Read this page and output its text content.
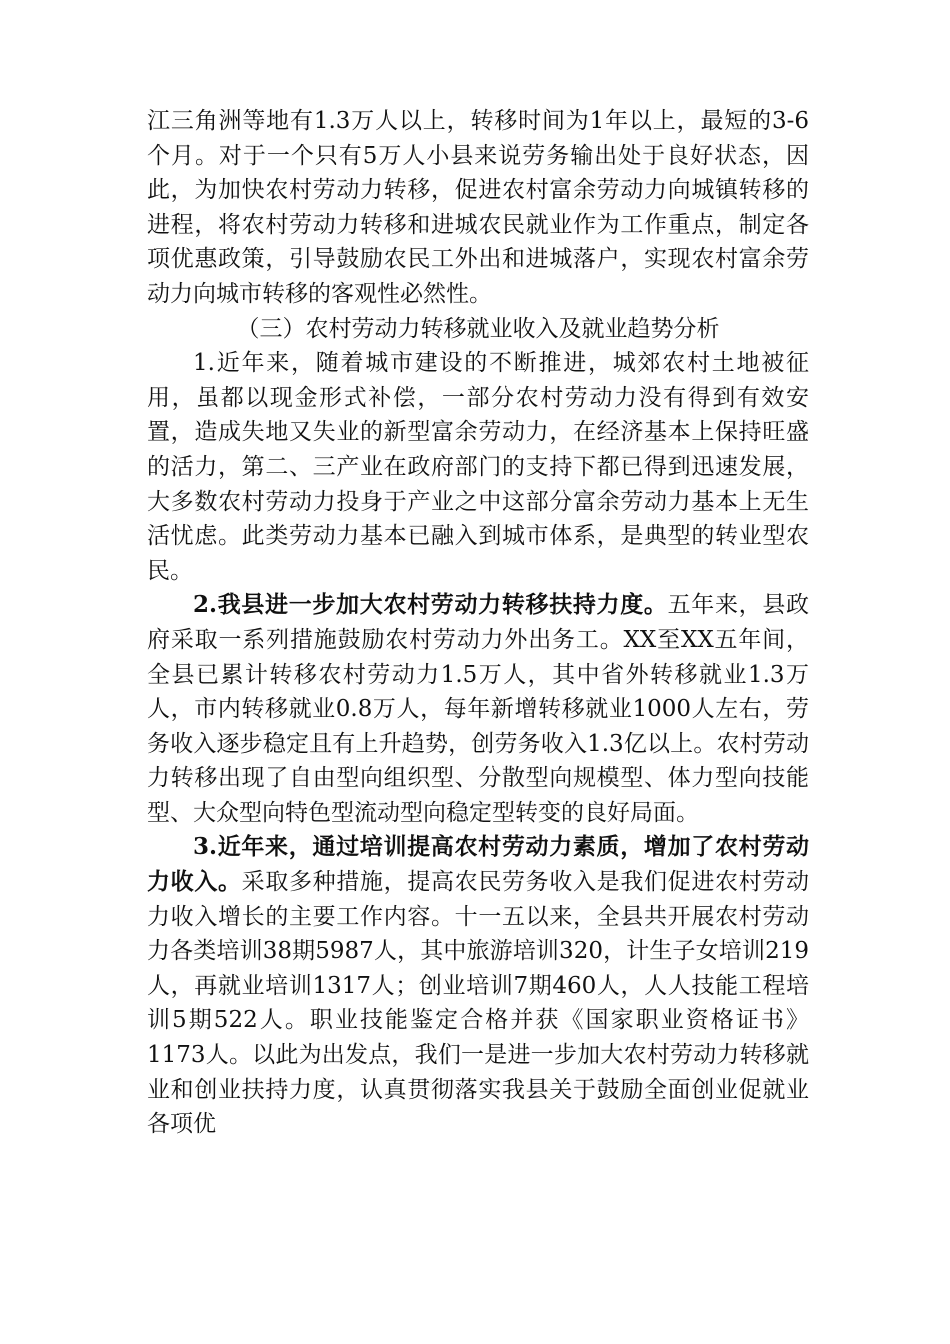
江三角洲等地有1.3万人以上，转移时间为1年以上，最短的3-6个月。对于一个只有5万人小县来说劳务输出处于良好状态，因此，为加快农村劳动力转移，促进农村富余劳动力向城镇转移的进程，将农村劳动力转移和进城农民就业作为工作重点，制定各项优惠政策，引导鼓励农民工外出和进城落户，实现农村富余劳动力向城市转移的客观性必然性。

（三）农村劳动力转移就业收入及就业趋势分析

1.近年来，随着城市建设的不断推进，城郊农村土地被征用，虽都以现金形式补偿，一部分农村劳动力没有得到有效安置，造成失地又失业的新型富余劳动力，在经济基本上保持旺盛的活力，第二、三产业在政府部门的支持下都已得到迅速发展，大多数农村劳动力投身于产业之中这部分富余劳动力基本上无生活忧虑。此类劳动力基本已融入到城市体系，是典型的转业型农民。

2.我县进一步加大农村劳动力转移扶持力度。五年来，县政府采取一系列措施鼓励农村劳动力外出务工。XX至XX五年间，全县已累计转移农村劳动力1.5万人，其中省外转移就业1.3万人，市内转移就业0.8万人，每年新增转移就业1000人左右，劳务收入逐步稳定且有上升趋势，创劳务收入1.3亿以上。农村劳动力转移出现了自由型向组织型、分散型向规模型、体力型向技能型、大众型向特色型流动型向稳定型转变的良好局面。

3.近年来，通过培训提高农村劳动力素质，增加了农村劳动力收入。采取多种措施，提高农民劳务收入是我们促进农村劳动力收入增长的主要工作内容。十一五以来，全县共开展农村劳动力各类培训38期5987人，其中旅游培训320，计生子女培训219人，再就业培训1317人；创业培训7期460人，人人技能工程培训5期522人。职业技能鉴定合格并获《国家职业资格证书》1173人。以此为出发点，我们一是进一步加大农村劳动力转移就业和创业扶持力度，认真贯彻落实我县关于鼓励全面创业促就业各项优
